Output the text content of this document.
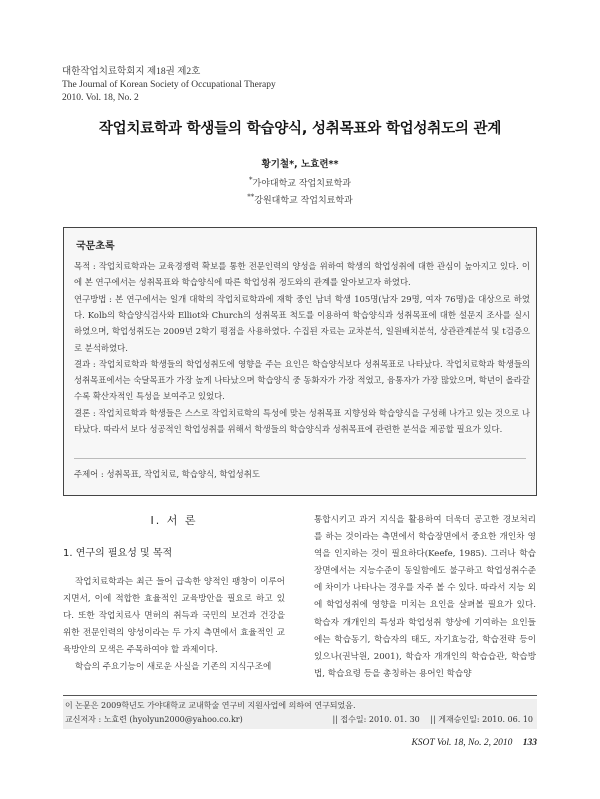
대한작업치료학회지 제18권 제2호
The Journal of Korean Society of Occupational Therapy
2010. Vol. 18, No. 2
작업치료학과 학생들의 학습양식, 성취목표와 학업성취도의 관계
황기철*, 노효련**
*가야대학교 작업치료학과
**강원대학교 작업치료학과
국문초록
목적 : 작업치료학과는 교육경쟁력 확보를 통한 전문인력의 양성을 위하여 학생의 학업성취에 대한 관심이 높아지고 있다. 이에 본 연구에서는 성취목표와 학습양식에 따른 학업성취 정도와의 관계를 알아보고자 하였다.
연구방법 : 본 연구에서는 일개 대학의 작업치료학과에 재학 중인 남녀 학생 105명(남자 29명, 여자 76명)을 대상으로 하였다. Kolb의 학습양식검사와 Elliot와 Church의 성취목표 척도를 이용하여 학습양식과 성취목표에 대한 설문지 조사를 실시하였으며, 학업성취도는 2009년 2학기 평점을 사용하였다. 수집된 자료는 교차분석, 일원배치분석, 상관관계분석 및 t검증으로 분석하였다.
결과 : 작업치료학과 학생들의 학업성취도에 영향을 주는 요인은 학습양식보다 성취목표로 나타났다. 작업치료학과 학생들의 성취목표에서는 숙달목표가 가장 높게 나타났으며 학습양식 중 동화자가 가장 적었고, 융통자가 가장 많았으며, 학년이 올라갈수록 확산자적인 특성을 보여주고 있었다.
결론 : 작업치료학과 학생들은 스스로 작업치료학의 특성에 맞는 성취목표 지향성와 학습양식을 구성해 나가고 있는 것으로 나타났다. 따라서 보다 성공적인 학업성취를 위해서 학생들의 학습양식과 성취목표에 관련한 분석을 제공할 필요가 있다.
주제어 : 성취목표, 작업치료, 학습양식, 학업성취도
Ⅰ. 서 론
1. 연구의 필요성 및 목적

작업치료학과는 최근 들어 급속한 양적인 팽창이 이루어지면서, 이에 적합한 효율적인 교육방안을 필요로 하고 있다. 또한 작업치료사 면허의 취득과 국민의 보건과 건강을 위한 전문인력의 양성이라는 두 가지 측면에서 효율적인 교육방안의 모색은 주목하여야 할 과제이다.

학습의 주요기능이 새로운 사실을 기존의 지식구조에

통합시키고 과거 지식을 활용하여 더욱더 공고한 경보처리를 하는 것이라는 측면에서 학습장면에서 중요한 개인차 영역을 인지하는 것이 필요하다(Keefe, 1985). 그러나 학습장면에서는 지능수준이 동일함에도 불구하고 학업성취수준에 차이가 나타나는 경우를 자주 볼 수 있다. 따라서 지능 외에 학업성취에 영향을 미치는 요인을 살펴볼 필요가 있다. 학습자 개개인의 특성과 학업성취 향상에 기여하는 요인들에는 학습동기, 학습자의 태도, 자기효능감, 학습전략 등이 있으나(권낙원, 2001), 학습자 개개인의 학습습관, 학습방법, 학습요령 등을 총칭하는 용어인 학습양

이 논문은 2009학년도 가야대학교 교내학술 연구비 지원사업에 의하여 연구되었음.
교신저자 : 노효련 (hyolyun2000@yahoo.co.kr)	|| 접수일: 2010. 01. 30 || 게재승인일: 2010. 06. 10
KSOT Vol. 18, No. 2, 2010 133
